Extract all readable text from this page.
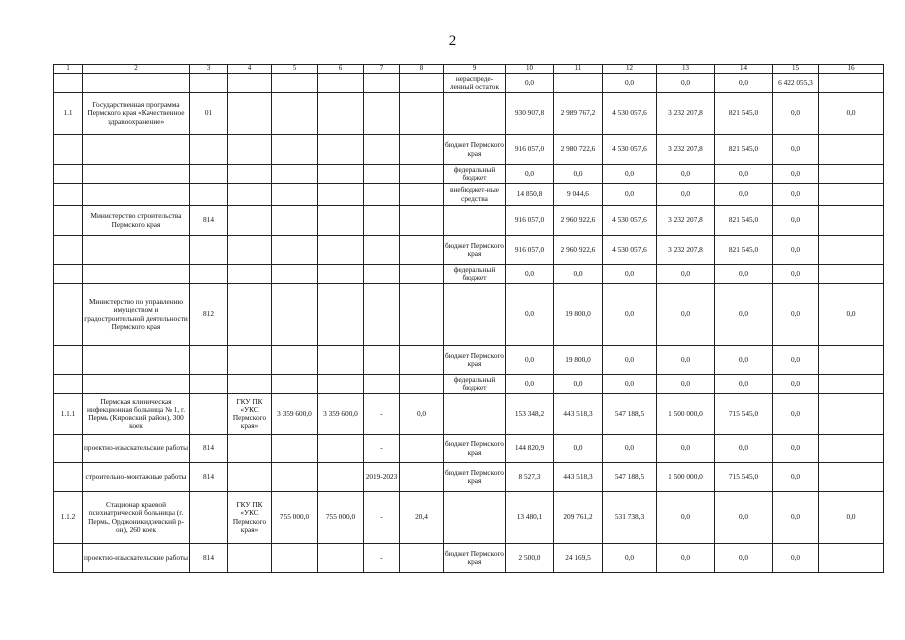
2
1	2	3	4	5	6	7	8	9	10	11	12	13	14	15	16
								нераспреде-ленный остаток	0,0		0,0	0,0	0,0	6 422 055,3	
1.1	Государственная программа Пермского края «Качественное здравоохранение»	01							930 907,8	2 989 767,2	4 530 057,6	3 232 207,8	821 545,0	0,0	0,0
								бюджет Пермского края	916 057,0	2 980 722,6	4 530 057,6	3 232 207,8	821 545,0	0,0	
								федеральный бюджет	0,0	0,0	0,0	0,0	0,0	0,0	
								внебюджет-ные средства	14 850,8	9 044,6	0,0	0,0	0,0	0,0	
	Министерство строительства Пермского края	814							916 057,0	2 960 922,6	4 530 057,6	3 232 207,8	821 545,0	0,0	
								бюджет Пермского края	916 057,0	2 960 922,6	4 530 057,6	3 232 207,8	821 545,0	0,0	
								федеральный бюджет	0,0	0,0	0,0	0,0	0,0	0,0	
	Министерство по управлению имуществом и градостроительной деятельности Пермского края	812							0,0	19 800,0	0,0	0,0	0,0	0,0	0,0
								бюджет Пермского края	0,0	19 800,0	0,0	0,0	0,0	0,0	
								федеральный бюджет	0,0	0,0	0,0	0,0	0,0	0,0	
1.1.1	Пермская клиническая инфекционная больница № 1, г. Пермь (Кировский район), 300 коек		ГКУ ПК «УКС Пермского края»	3 359 600,0	3 359 600,0	-	0,0		153 348,2	443 518,3	547 188,5	1 500 000,0	715 545,0	0,0	
	проектно-изыскательские работы	814				-		бюджет Пермского края	144 820,9	0,0	0,0	0,0	0,0	0,0	
	строительно-монтажные работы	814				2019-2023		бюджет Пермского края	8 527,3	443 518,3	547 188,5	1 500 000,0	715 545,0	0,0	
1.1.2	Стационар краевой психиатрической больницы (г. Пермь, Орджоникидзевский р-он), 260 коек		ГКУ ПК «УКС Пермского края»	755 000,0	755 000,0	-	20,4		13 480,1	209 761,2	531 738,3	0,0	0,0	0,0	0,0
	проектно-изыскательские работы	814				-		бюджет Пермского края	2 500,0	24 169,5	0,0	0,0	0,0	0,0	
